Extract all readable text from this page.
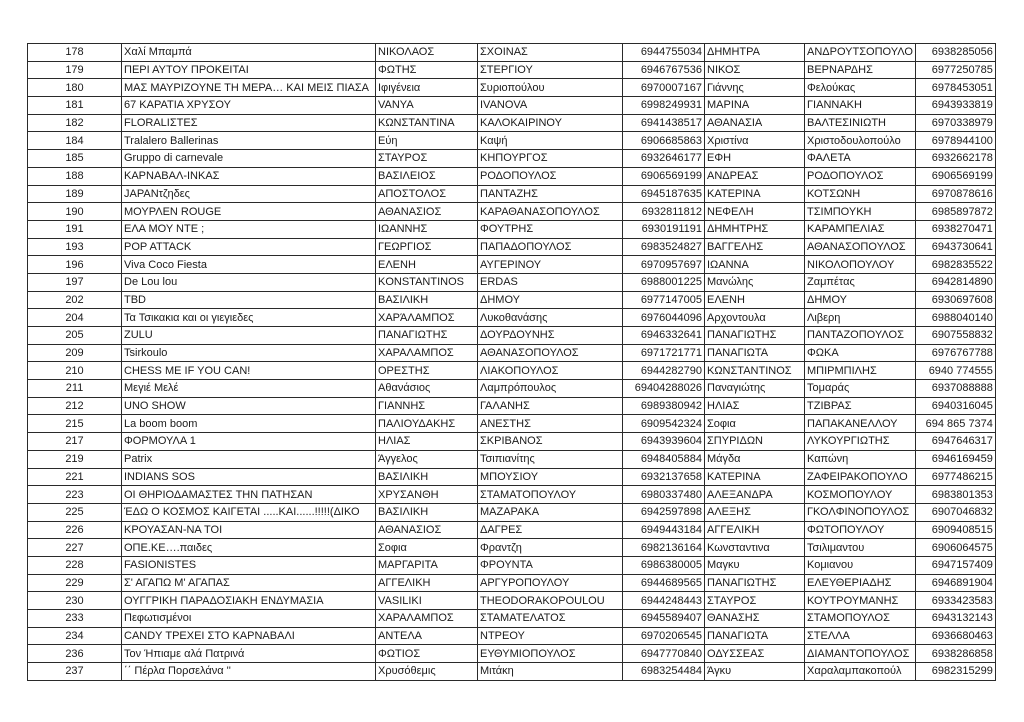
178	Χαλί Μπαμπά	ΝΙΚΟΛΑΟΣ	ΣΧΟΙΝΑΣ	6944755034	ΔΗΜΗΤΡΑ	ΑΝΔΡΟΥΤΣΟΠΟΥΛΟ	6938285056
179	ΠΕΡΙ ΑΥΤΟΥ ΠΡΟΚΕΙΤΑΙ	ΦΩΤΗΣ	ΣΤΕΡΓΙΟΥ	6946767536	ΝΙΚΟΣ	ΒΕΡΝΑΡΔΗΣ	6977250785
180	ΜΑΣ ΜΑΥΡΙΖΟΥΝΕ ΤΗ ΜΕΡΑ… ΚΑΙ ΜΕΙΣ ΠΙΑΣΑ	Ιφιγένεια	Συριοπούλου	6970007167	Γιάννης	Φελούκας	6978453051
181	67 ΚΑΡΑΤΙΑ ΧΡΥΣΟΥ	VANYA	IVANOVA	6998249931	ΜΑΡΙΝΑ	ΓΙΑΝΝΑΚΗ	6943933819
182	FLORALIΣΤΕΣ	ΚΩΝΣΤΑΝΤΙΝΑ	ΚΑΛΟΚΑΙΡΙΝΟΥ	6941438517	ΑΘΑΝΑΣΙΑ	ΒΑΛΤΕΣΙΝΙΩΤΗ	6970338979
184	Tralalero Ballerinas	Εύη	Καψή	6906685863	Χριστίνα	Χριστοδουλοπούλο	6978944100
185	Gruppo di carnevale	ΣΤΑΥΡΟΣ	ΚΗΠΟΥΡΓΟΣ	6932646177	ΕΦΗ	ΦΑΛΕΤΑ	6932662178
188	ΚΑΡΝΑΒΑΛ-ΙΝΚΑΣ	ΒΑΣΙΛΕΙΟΣ	ΡΟΔΟΠΟΥΛΟΣ	6906569199	ΑΝΔΡΕΑΣ	ΡΟΔΟΠΟΥΛΟΣ	6906569199
189	JAPANτζηδες	ΑΠΟΣΤΟΛΟΣ	ΠΑΝΤΑΖΗΣ	6945187635	ΚΑΤΕΡΙΝΑ	ΚΟΤΣΩΝΗ	6970878616
190	ΜΟΥΡΛΕΝ ROUGE	ΑΘΑΝΑΣΙΟΣ	ΚΑΡΑΘΑΝΑΣΟΠΟΥΛΟΣ	6932811812	ΝΕΦΕΛΗ	ΤΣΙΜΠΟΥΚΗ	6985897872
191	ΕΛΑ ΜΟΥ ΝΤΕ ;	ΙΩΑΝΝΗΣ	ΦΟΥΤΡΗΣ	6930191191	ΔΗΜΗΤΡΗΣ	ΚΑΡΑΜΠΕΛΙΑΣ	6938270471
193	POP ATTACK	ΓΕΩΡΓΙΟΣ	ΠΑΠΑΔΟΠΟΥΛΟΣ	6983524827	ΒΑΓΓΕΛΗΣ	ΑΘΑΝΑΣΟΠΟΥΛΟΣ	6943730641
196	Viva Coco Fiesta	ΕΛΕΝΗ	ΑΥΓΕΡΙΝΟΥ	6970957697	ΙΩΑΝΝΑ	ΝΙΚΟΛΟΠΟΥΛΟΥ	6982835522
197	De Lou lou	KONSTANTINOS	ERDAS	6988001225	Μανώλης	Ζαμπέτας	6942814890
202	TBD	ΒΑΣΙΛΙΚΗ	ΔΗΜΟΥ	6977147005	ΕΛΕΝΗ	ΔΗΜΟΥ	6930697608
204	Τα Τσικακια και οι γιεγιεδες	ΧΑΡΆΛΑΜΠΟΣ	Λυκοθανάσης	6976044096	Αρχοντουλα	Λιβερη	6988040140
205	ZULU	ΠΑΝΑΓΙΩΤΗΣ	ΔΟΥΡΔΟΥΝΗΣ	6946332641	ΠΑΝΑΓΙΩΤΗΣ	ΠΑΝΤΑΖΟΠΟΥΛΟΣ	6907558832
209	Tsirkoulo	ΧΑΡΑΛΑΜΠΟΣ	ΑΘΑΝΑΣΟΠΟΥΛΟΣ	6971721771	ΠΑΝΑΓΙΩΤΑ	ΦΩΚΑ	6976767788
210	CHESS ME IF YOU CAN!	ΟΡΕΣΤΗΣ	ΛΙΑΚΟΠΟΥΛΟΣ	6944282790	ΚΩΝΣΤΑΝΤΙΝΟΣ	ΜΠΙΡΜΠΙΛΗΣ	6940 774555
211	Μεγιέ Μελέ	Αθανάσιος	Λαμπρόπουλος	69404288026	Παναγιώτης	Τομαράς	6937088888
212	UNO SHOW	ΓΙΑΝΝΗΣ	ΓΑΛΑΝΗΣ	6989380942	ΗΛΙΑΣ	ΤΖΙΒΡΑΣ	6940316045
215	La boom boom	ΠΑΛΙΟΥΔΑΚΗΣ	ΑΝΕΣΤΗΣ	6909542324	Σοφια	ΠΑΠΑΚΑΝΕΛΛΟΥ	694 865 7374
217	ΦΟΡΜΟΥΛΑ 1	ΗΛΙΑΣ	ΣΚΡΙΒΑΝΟΣ	6943939604	ΣΠΥΡΙΔΩΝ	ΛΥΚΟΥΡΓΙΩΤΗΣ	6947646317
219	Patrix	Άγγελος	Τσιπιανίτης	6948405884	Μάγδα	Καπώνη	6946169459
221	INDIANS SOS	ΒΑΣΙΛΙΚΗ	ΜΠΟΥΣΙΟΥ	6932137658	ΚΑΤΕΡΙΝΑ	ΖΑΦΕΙΡΑΚΟΠΟΥΛΟ	6977486215
223	ΟΙ ΘΗΡΙΟΔΑΜΑΣΤΕΣ ΤΗΝ ΠΑΤΗΣΑΝ	ΧΡΥΣΑΝΘΗ	ΣΤΑΜΑΤΟΠΟΥΛΟΥ	6980337480	ΑΛΕΞΑΝΔΡΑ	ΚΟΣΜΟΠΟΥΛΟΥ	6983801353
225	ΈΔΩ Ο ΚΟΣΜΟΣ ΚΑΙΓΕΤΑΙ .....ΚΑΙ......!!!!!(ΔΙΚΟ	ΒΑΣΙΛΙΚΗ	ΜΑΖΑΡΑΚΑ	6942597898	ΑΛΕΞΗΣ	ΓΚΟΛΦΙΝΟΠΟΥΛΟΣ	6907046832
226	ΚΡΟΥΑΣΑΝ-ΝΑ ΤΟΙ	ΑΘΑΝΑΣΙΟΣ	ΔΑΓΡΕΣ	6949443184	ΑΓΓΕΛΙΚΗ	ΦΩΤΟΠΟΥΛΟΥ	6909408515
227	ΟΠΕ.ΚΕ….παιδες	Σοφια	Φραντζη	6982136164	Κωνσταντινα	Τσιλιμαντου	6906064575
228	FASIONISTES	ΜΑΡΓΑΡΙΤΑ	ΦΡΟΥΝΤΑ	6986380005	Μαγκυ	Κομιανου	6947157409
229	Σ' ΑΓΑΠΩ Μ' ΑΓΑΠΑΣ	ΑΓΓΕΛΙΚΗ	ΑΡΓΥΡΟΠΟΥΛΟΥ	6944689565	ΠΑΝΑΓΙΩΤΗΣ	ΕΛΕΥΘΕΡΙΑΔΗΣ	6946891904
230	ΟΥΓΓΡΙΚΗ ΠΑΡΑΔΟΣΙΑΚΗ ΕΝΔΥΜΑΣΙΑ	VASILIKI	THEODORAKOPOULOU	6944248443	ΣΤΑΥΡΟΣ	ΚΟΥΤΡΟΥΜΑΝΗΣ	6933423583
233	Πεφωτισμένοι	ΧΑΡΑΛΑΜΠΟΣ	ΣΤΑΜΑΤΕΛΑΤΟΣ	6945589407	ΘΑΝΑΣΗΣ	ΣΤΑΜΟΠΟΥΛΟΣ	6943132143
234	CANDY ΤΡΕΧΕΙ ΣΤΟ ΚΑΡΝΑΒΑΛΙ	ΑΝΤΕΛΑ	ΝΤΡΕΟΥ	6970206545	ΠΑΝΑΓΙΩΤΑ	ΣΤΕΛΛΑ	6936680463
236	Τον Ήπιαμε αλά Πατρινά	ΦΩΤΙΟΣ	ΕΥΘΥΜΙΟΠΟΥΛΟΣ	6947770840	ΟΔΥΣΣΕΑΣ	ΔΙΑΜΑΝΤΟΠΟΥΛΟΣ	6938286858
237	΄΄ Πέρλα Πορσελάνα ''	Χρυσόθεμις	Μιτάκη	6983254484	Άγκυ	Χαραλαμπακοπούλ	6982315299
